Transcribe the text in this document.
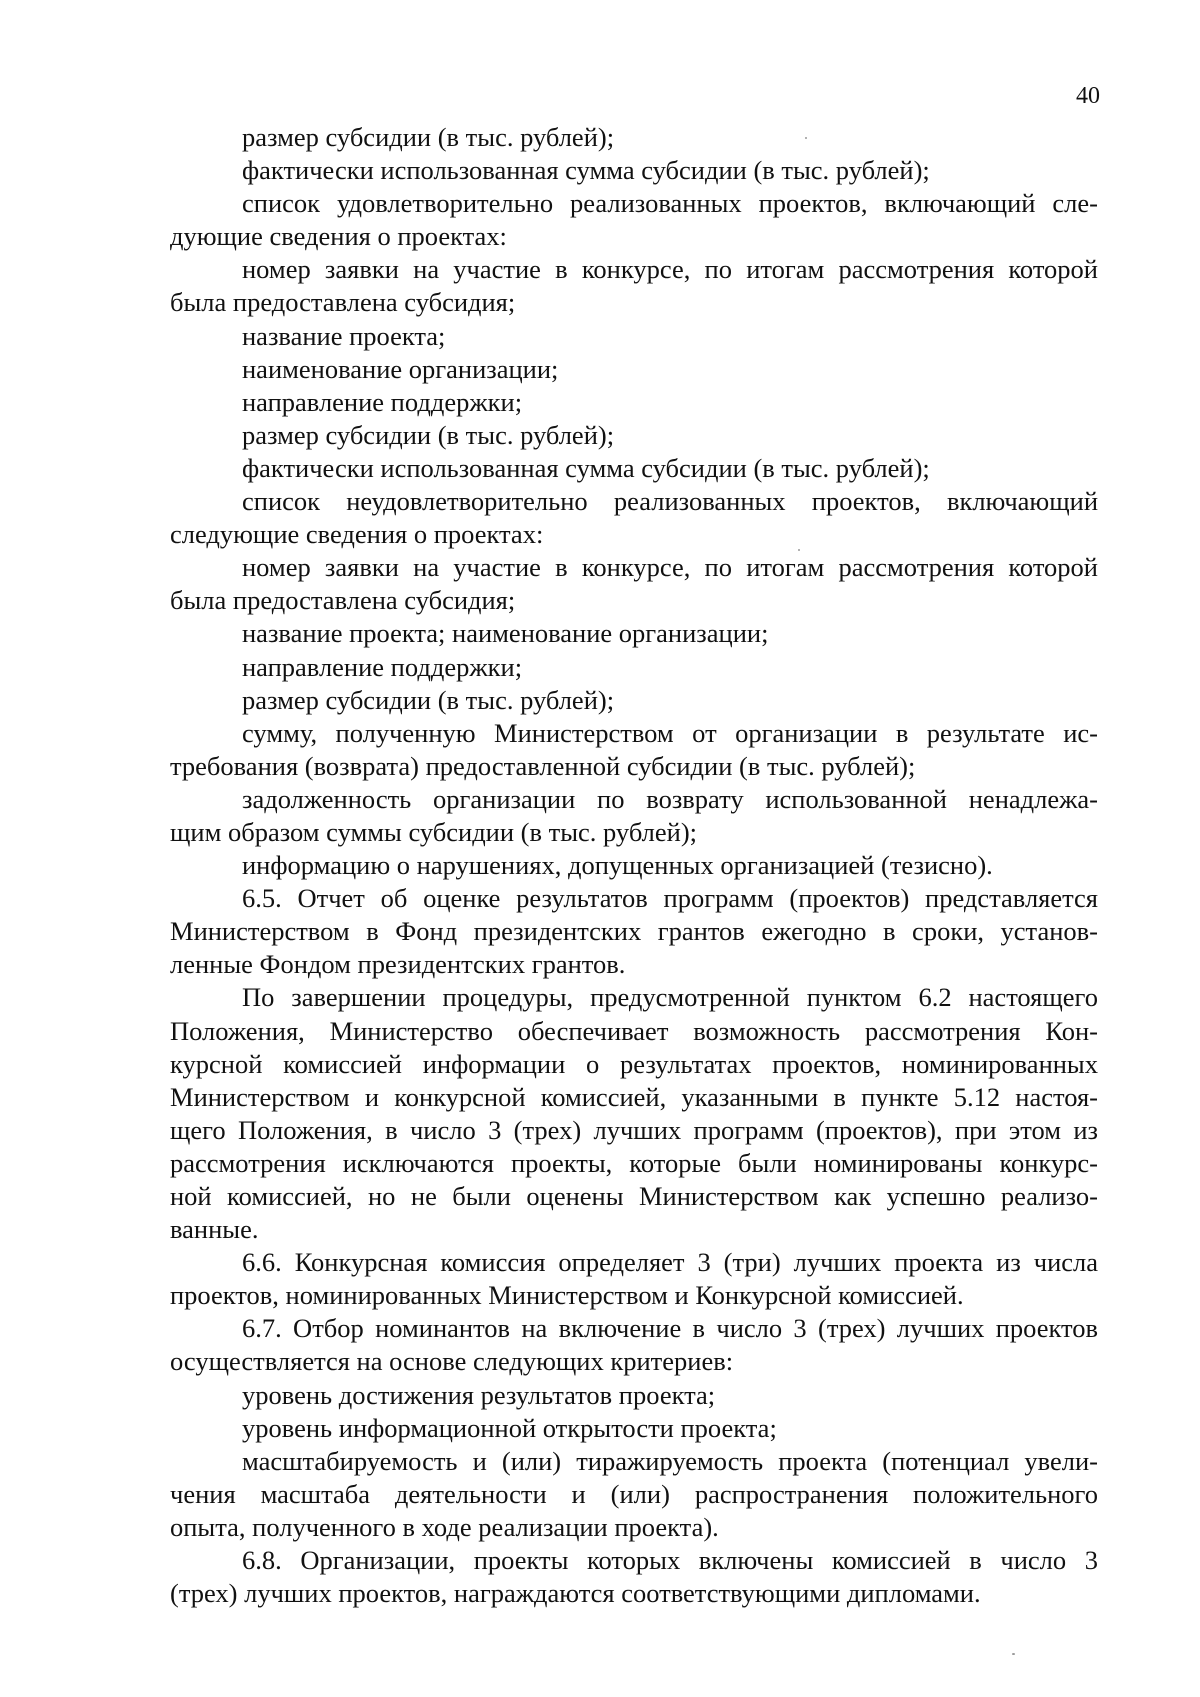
40
размер субсидии (в тыс. рублей);
фактически использованная сумма субсидии (в тыс. рублей);
список удовлетворительно реализованных проектов, включающий сле-
дующие сведения о проектах:
номер заявки на участие в конкурсе, по итогам рассмотрения которой
была предоставлена субсидия;
название проекта;
наименование организации;
направление поддержки;
размер субсидии (в тыс. рублей);
фактически использованная сумма субсидии (в тыс. рублей);
список неудовлетворительно реализованных проектов, включающий
следующие сведения о проектах:
номер заявки на участие в конкурсе, по итогам рассмотрения которой
была предоставлена субсидия;
название проекта; наименование организации;
направление поддержки;
размер субсидии (в тыс. рублей);
сумму, полученную Министерством от организации в результате ис-
требования (возврата) предоставленной субсидии (в тыс. рублей);
задолженность организации по возврату использованной ненадлежа-
щим образом суммы субсидии (в тыс. рублей);
информацию о нарушениях, допущенных организацией (тезисно).
6.5. Отчет об оценке результатов программ (проектов) представляется
Министерством в Фонд президентских грантов ежегодно в сроки, установ-
ленные Фондом президентских грантов.
По завершении процедуры, предусмотренной пунктом 6.2 настоящего
Положения, Министерство обеспечивает возможность рассмотрения Кон-
курсной комиссией информации о результатах проектов, номинированных
Министерством и конкурсной комиссией, указанными в пункте 5.12 настоя-
щего Положения, в число 3 (трех) лучших программ (проектов), при этом из
рассмотрения исключаются проекты, которые были номинированы конкурс-
ной комиссией, но не были оценены Министерством как успешно реализо-
ванные.
6.6. Конкурсная комиссия определяет 3 (три) лучших проекта из числа
проектов, номинированных Министерством и Конкурсной комиссией.
6.7. Отбор номинантов на включение в число 3 (трех) лучших проектов
осуществляется на основе следующих критериев:
уровень достижения результатов проекта;
уровень информационной открытости проекта;
масштабируемость и (или) тиражируемость проекта (потенциал увели-
чения масштаба деятельности и (или) распространения положительного
опыта, полученного в ходе реализации проекта).
6.8. Организации, проекты которых включены комиссией в число 3
(трех) лучших проектов, награждаются соответствующими дипломами.
